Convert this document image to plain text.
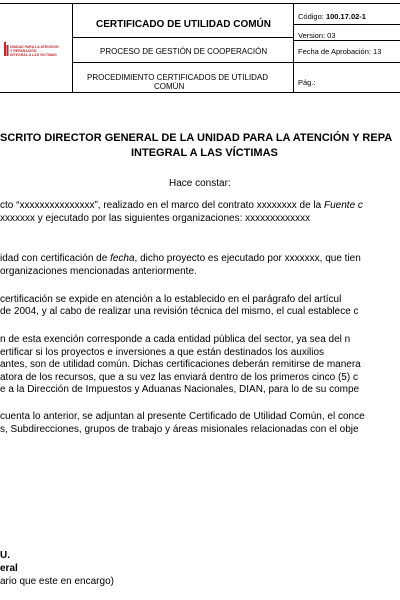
UNIDAD PARA LA ATENCIÓN
Y REPARACIÓN
INTEGRAL A LAS VÍCTIMAS
CERTIFICADO DE UTILIDAD COMÚN
PROCESO DE GESTIÓN DE COOPERACIÓN
PROCEDIMIENTO CERTIFICADOS DE UTILIDAD
COMÚN
Código: 100.17.02-1
Version: 03
Fecha de Aprobación: 13
Pág.:
SCRITO DIRECTOR GENERAL DE LA UNIDAD PARA LA ATENCIÓN Y REPA
INTEGRAL A LAS VÍCTIMAS
Hace constar:
cto “xxxxxxxxxxxxxxx”, realizado en el marco del contrato xxxxxxxx de la Fuente c
xxxxxxx y ejecutado por las siguientes organizaciones: xxxxxxxxxxxxx
idad con certificación de fecha, dicho proyecto es ejecutado por xxxxxxx, que tien
organizaciones mencionadas anteriormente.
certificación se expide en atención a lo establecido en el parágrafo del artícul
de 2004, y al cabo de realizar una revisión técnica del mismo, el cual establece c
n de esta exención corresponde a cada entidad pública del sector, ya sea del n
ertificar si los proyectos e inversiones a que están destinados los auxilios
antes, son de utilidad común. Dichas certificaciones deberán remitirse de manera
atora de los recursos, que a su vez las enviará dentro de los primeros cinco (5) c
e a la Dirección de Impuestos y Aduanas Nacionales, DIAN, para lo de su compe
cuenta lo anterior, se adjuntan al presente Certificado de Utilidad Común, el conce
s, Subdirecciones, grupos de trabajo y áreas misionales relacionadas con el obje
U.
eral
ario que este en encargo)
